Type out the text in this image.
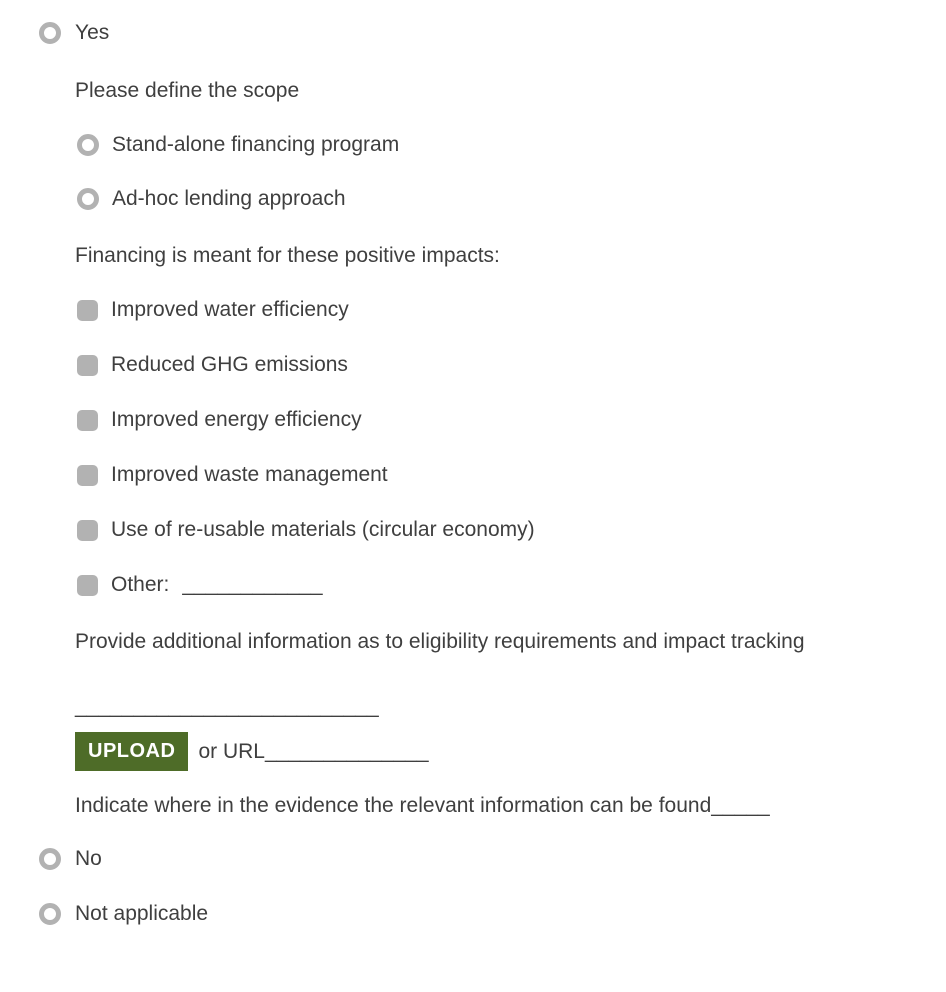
Yes
Please define the scope
Stand-alone financing program
Ad-hoc lending approach
Financing is meant for these positive impacts:
Improved water efficiency
Reduced GHG emissions
Improved energy efficiency
Improved waste management
Use of re-usable materials (circular economy)
Other: ____________
Provide additional information as to eligibility requirements and impact tracking
__________________________
UPLOAD	or URL ______________
Indicate where in the evidence the relevant information can be found _____
No
Not applicable
